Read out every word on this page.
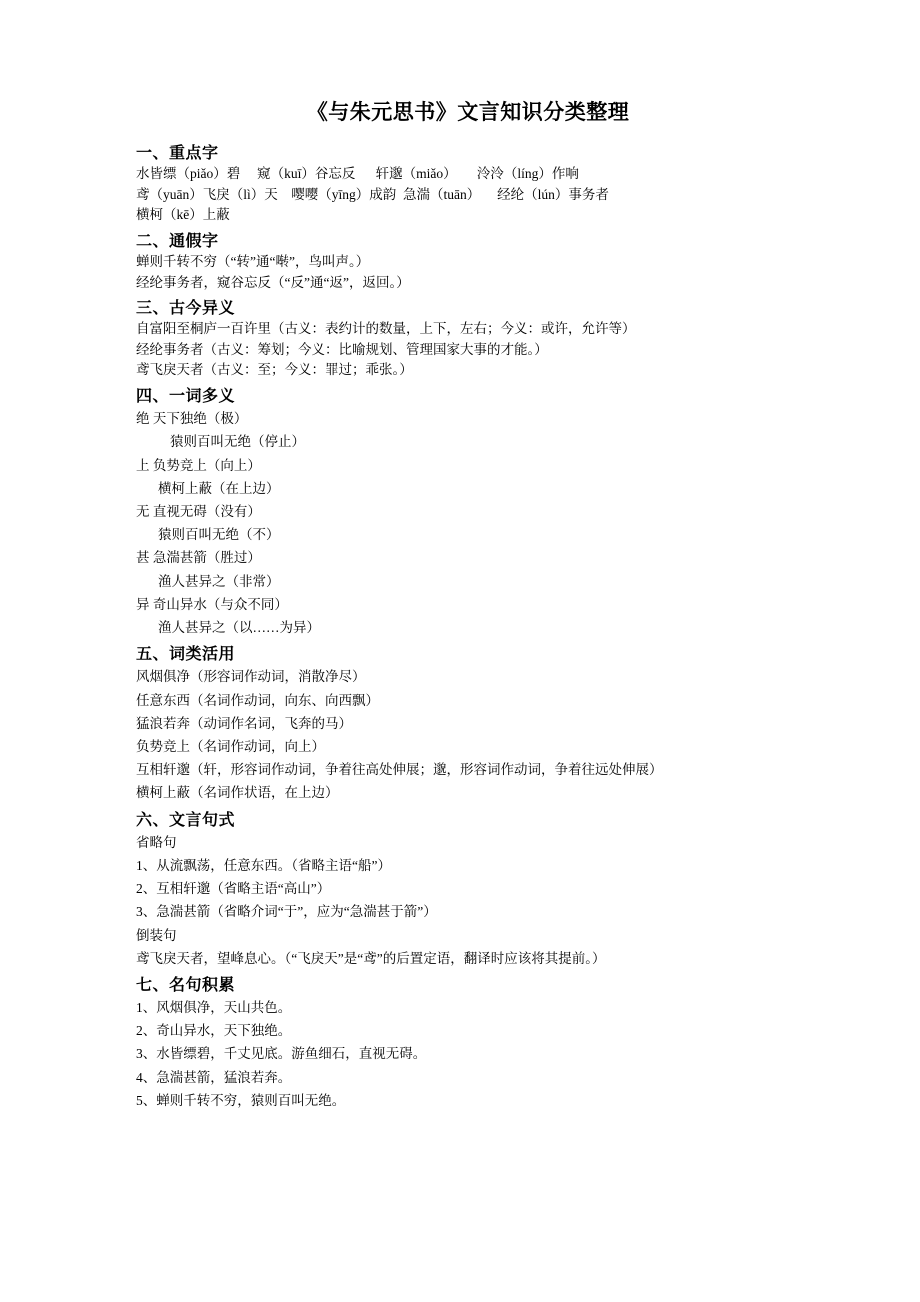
《与朱元思书》文言知识分类整理
一、重点字

水皆缥（piǎo）碧     窥（kuī）谷忘反      轩邈（miǎo）      泠泠（líng）作响

鸢（yuān）飞戾（lì）天    嘤嘤（yīng）成韵  急湍（tuān）     经纶（lún）事务者

横柯（kē）上蔽

二、通假字

蝉则千转不穷（“转”通“啭”，鸟叫声。）

经纶事务者，窥谷忘反（“反”通“返”，返回。）

三、古今异义

自富阳至桐庐一百许里（古义：表约计的数量，上下，左右；今义：或许，允许等）

经纶事务者（古义：筹划；今义：比喻规划、管理国家大事的才能。）

鸢飞戾天者（古义：至；今义：罪过；乖张。）

四、一词多义

绝 天下独绝（极）

猿则百叫无绝（停止）

上 负势竞上（向上）

横柯上蔽（在上边）

无 直视无碍（没有）

猿则百叫无绝（不）

甚 急湍甚箭（胜过）

渔人甚异之（非常）

异 奇山异水（与众不同）

渔人甚异之（以……为异）

五、词类活用

风烟俱净（形容词作动词，消散净尽）

任意东西（名词作动词，向东、向西飘）

猛浪若奔（动词作名词，飞奔的马）

负势竞上（名词作动词，向上）

互相轩邈（轩，形容词作动词，争着往高处伸展；邈，形容词作动词，争着往远处伸展）

横柯上蔽（名词作状语，在上边）

六、文言句式

省略句

1、从流飘荡，任意东西。（省略主语“船”）

2、互相轩邈（省略主语“高山”）

3、急湍甚箭（省略介词“于”，应为“急湍甚于箭”）

倒装句

鸢飞戾天者，望峰息心。（“飞戾天”是“鸢”的后置定语，翻译时应该将其提前。）

七、名句积累

1、风烟俱净，天山共色。

2、奇山异水，天下独绝。

3、水皆缥碧，千丈见底。游鱼细石，直视无碍。

4、急湍甚箭，猛浪若奔。

5、蝉则千转不穷，猿则百叫无绝。
